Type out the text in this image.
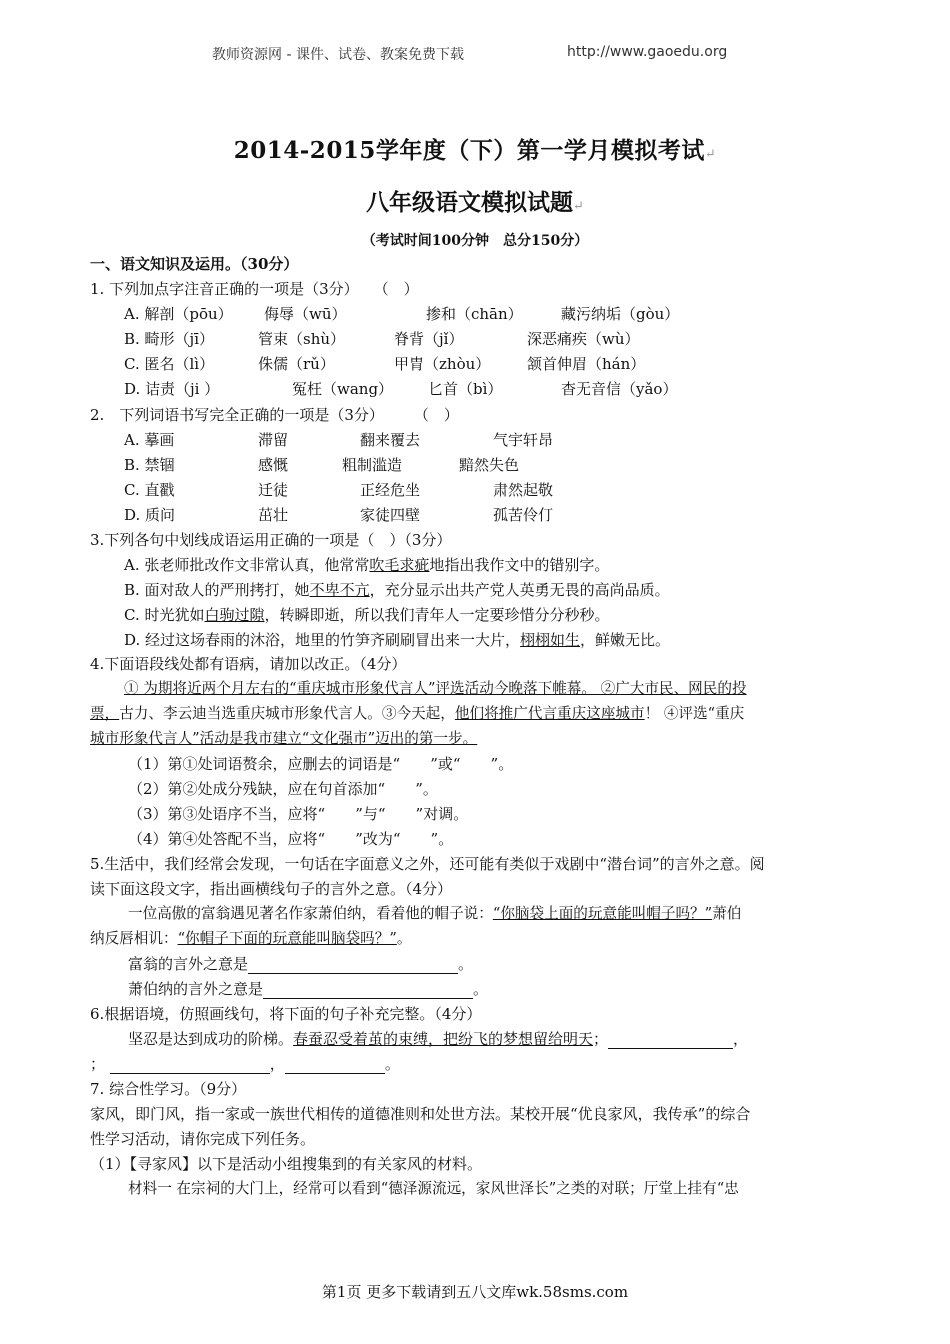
教师资源网 - 课件、试卷、教案免费下载	http://www.gaoedu.org
2014-2015学年度（下）第一学月模拟考试↵
八年级语文模拟试题↵
（考试时间100分钟　总分150分）
一、语文知识及运用。（30分）
1. 下列加点字注音正确的一项是（3分）　　（　）
A. 解剖（pōu） 侮辱（wū）	掺和（chān）	藏污纳垢（gòu）
B. 畸形（jī）	管束（shù）	脊背（jǐ）	深恶痛疾（wù）
C. 匿名（lì）	侏儒（rǔ）	甲胄（zhòu） 颔首伸眉（hán）
D. 诘责（ji ）	冤枉（wang） 匕首（bì）	杳无音信（yǎo）
2.　下列词语书写完全正确的一项是（3分）　　　（　）
A. 摹画	滞留	翻来覆去	气宇轩昂
B. 禁锢	感慨	粗制滥造	黯然失色
C. 直戳	迁徒	正经危坐	肃然起敬
D. 质问	茁壮	家徒四壁	孤苦伶仃
3.下列各句中划线成语运用正确的一项是（　）（3分）
A. 张老师批改作文非常认真，他常常吹毛求疵地指出我作文中的错别字。
B. 面对敌人的严刑拷打，她不卑不亢，充分显示出共产党人英勇无畏的高尚品质。
C. 时光犹如白驹过隙，转瞬即逝，所以我们青年人一定要珍惜分分秒秒。
D. 经过这场春雨的沐浴，地里的竹笋齐刷刷冒出来一大片，栩栩如生，鲜嫩无比。
4.下面语段线处都有语病，请加以改正。（4分）
① 为期将近两个月左右的“重庆城市形象代言人”评选活动今晚落下帷幕。 ②广大市民、网民的投
票，古力、李云迪当选重庆城市形象代言人。③今天起，他们将推广代言重庆这座城市！ ④评选“重庆
城市形象代言人”活动是我市建立“文化强市”迈出的第一步。
（1）第①处词语赘余，应删去的词语是“　　”或“　　”。
（2）第②处成分残缺，应在句首添加“　　”。
（3）第③处语序不当，应将“　　”与“　　”对调。
（4）第④处答配不当，应将“　　”改为“　　”。
5.生活中，我们经常会发现，一句话在字面意义之外，还可能有类似于戏剧中“潜台词”的言外之意。阅
读下面这段文字，指出画横线句子的言外之意。（4分）
一位高傲的富翁遇见著名作家萧伯纳，看着他的帽子说：“你脑袋上面的玩意能叫帽子吗？”萧伯
纳反唇相讥：“你帽子下面的玩意能叫脑袋吗？”。
富翁的言外之意是	。
萧伯纳的言外之意是	。
6.根据语境，仿照画线句，将下面的句子补充完整。（4分）
坚忍是达到成功的阶梯。春蚕忍受着茧的束缚，把纷飞的梦想留给明天；	，
；	，	。
7. 综合性学习。（9分）
家风，即门风，指一家或一族世代相传的道德准则和处世方法。某校开展“优良家风，我传承”的综合
性学习活动，请你完成下列任务。
（1）【寻家风】以下是活动小组搜集到的有关家风的材料。
材料一 在宗祠的大门上，经常可以看到“德泽源流远，家风世泽长”之类的对联；厅堂上挂有“忠
第1页 更多下载请到五八文库wk.58sms.com
